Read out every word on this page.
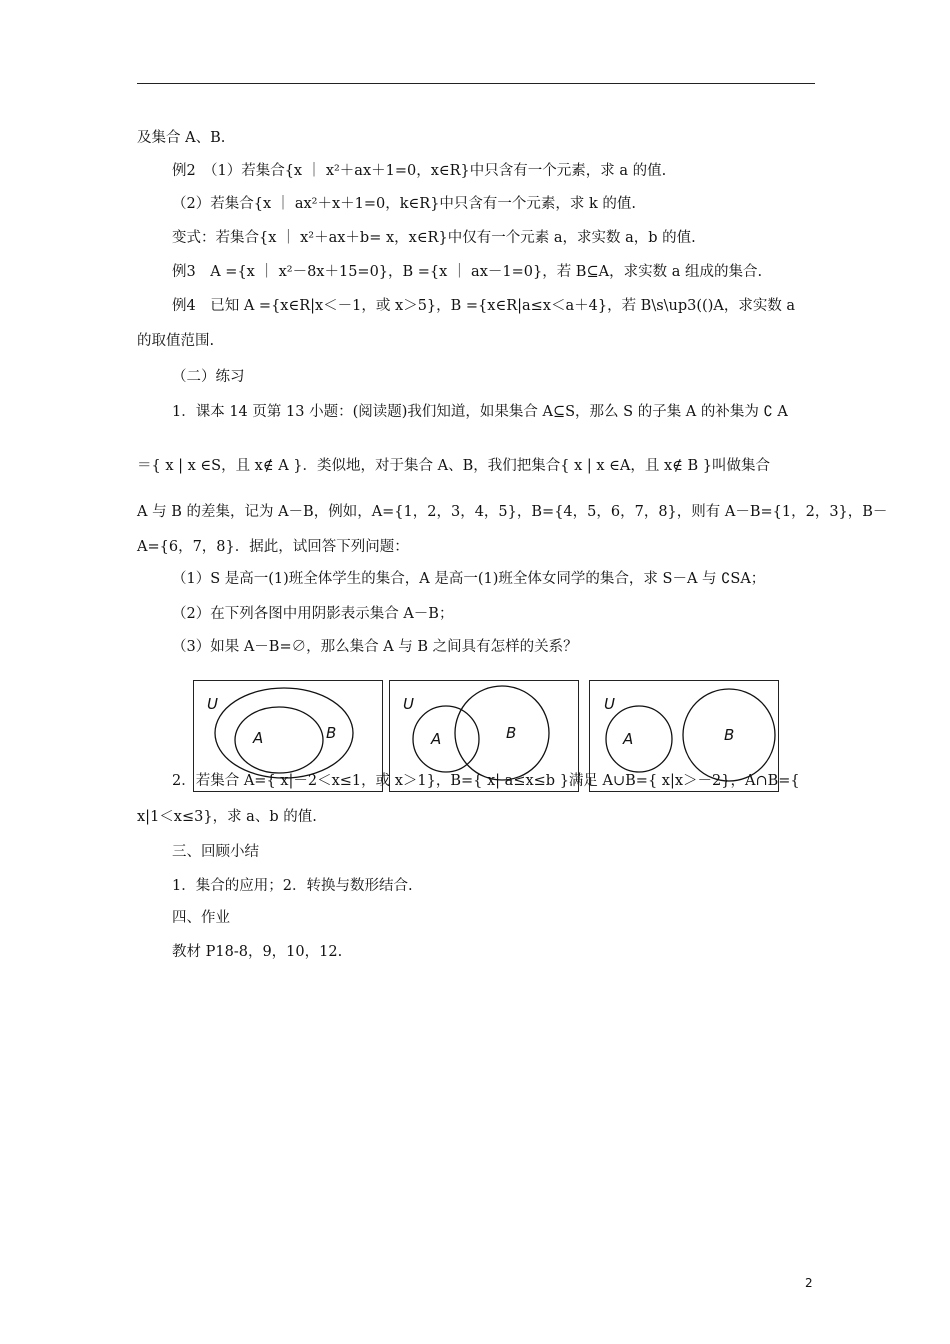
及集合 A、B.
例2　（1）若集合{x ｜ x²＋ax＋1=0，x∈R}中只含有一个元素，求 a 的值.
（2）若集合{x ｜ ax²＋x＋1=0，k∈R}中只含有一个元素，求 k 的值.
变式：若集合{x ｜ x²＋ax＋b= x，x∈R}中仅有一个元素 a，求实数 a，b 的值.
例3　A ={x ｜ x²－8x＋15=0}，B ={x ｜ ax－1=0}，若 B⊆A，求实数 a 组成的集合.
例4　已知 A ={x∈R|x＜－1，或 x＞5}，B ={x∈R|a≤x＜a＋4}，若 B\s\up3(()A，求实数 a
的取值范围.
（二）练习
1．课本 14 页第 13 小题：(阅读题)我们知道，如果集合 A⊆S，那么 S 的子集 A 的补集为 ∁ A
＝{ x | x ∈S，且 x∉ A }．类似地，对于集合 A、B，我们把集合{ x | x ∈A，且 x∉ B }叫做集合
A 与 B 的差集，记为 A－B，例如，A={1，2，3，4，5}，B={4，5，6，7，8}，则有 A－B={1，2，3}，B－
A={6，7，8}．据此，试回答下列问题：
（1）S 是高一(1)班全体学生的集合，A 是高一(1)班全体女同学的集合，求 S－A 与 ∁SA；
（2）在下列各图中用阴影表示集合 A－B；
（3）如果 A－B=∅，那么集合 A 与 B 之间具有怎样的关系？
U
A	B
U
A	B
U
A	B
2．若集合 A={ x|－2＜x≤1，或 x＞1}，B={ x| a≤x≤b }满足 A∪B={ x|x＞－2}，A∩B={
x|1＜x≤3}，求 a、b 的值.
三、回顾小结
1．集合的应用；2．转换与数形结合.
四、作业
教材 P18-8，9，10，12.
2
